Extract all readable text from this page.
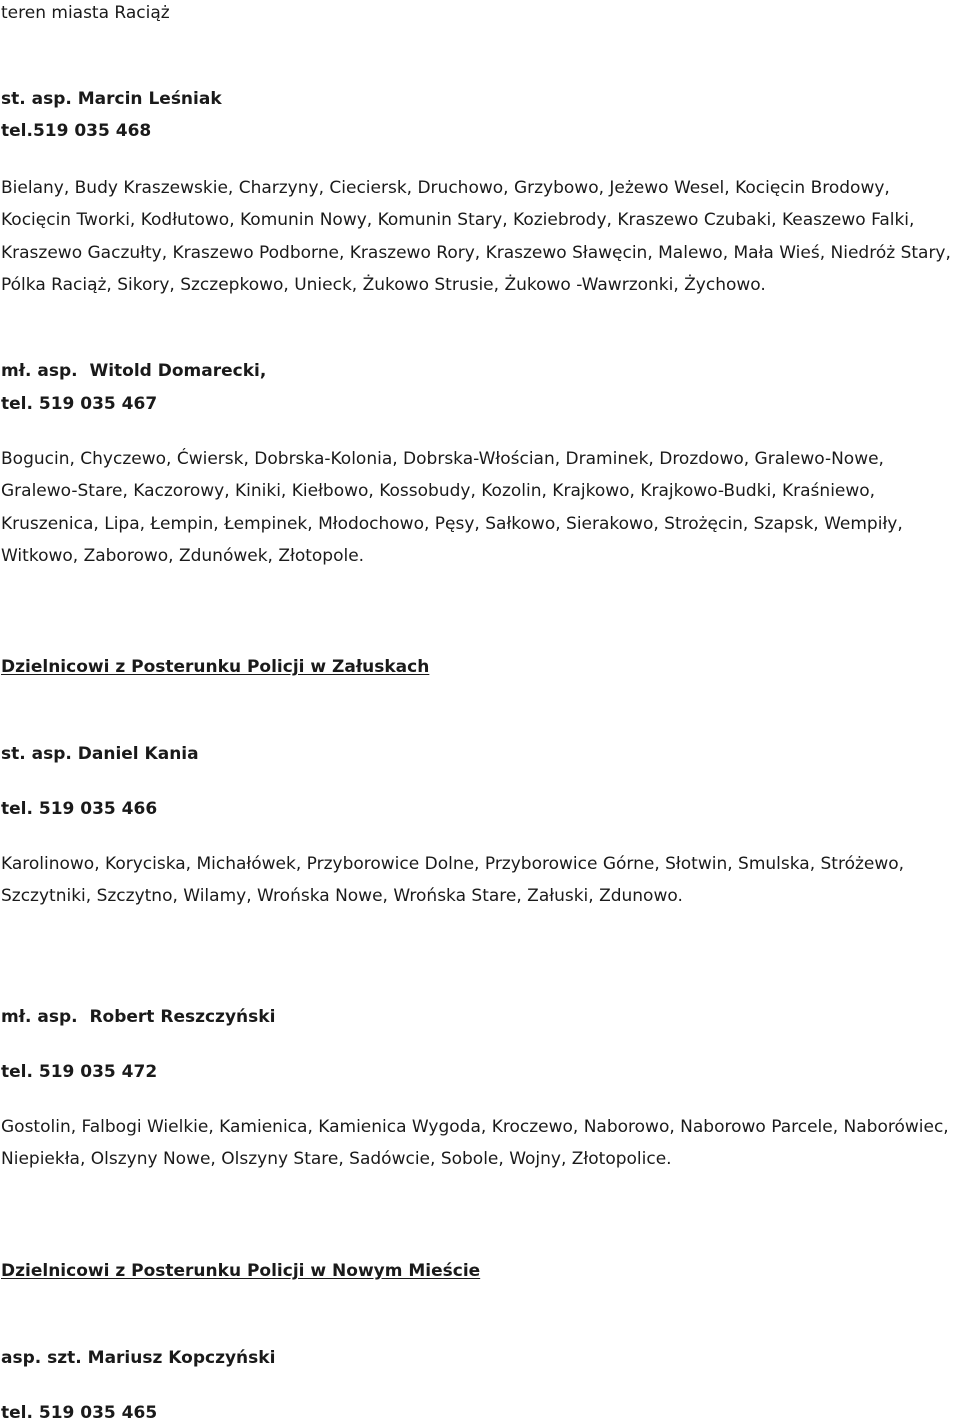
teren miasta Raciąż

st. asp. Marcin Leśniak

tel.519 035 468

Bielany, Budy Kraszewskie, Charzyny, Cieciersk, Druchowo, Grzybowo, Jeżewo Wesel, Kocięcin Brodowy, Kocięcin Tworki, Kodłutowo, Komunin Nowy, Komunin Stary, Koziebrody, Kraszewo Czubaki, Keaszewo Falki, Kraszewo Gaczułty, Kraszewo Podborne, Kraszewo Rory, Kraszewo Sławęcin, Malewo, Mała Wieś, Niedróż Stary, Pólka Raciąż, Sikory, Szczepkowo, Unieck, Żukowo Strusie, Żukowo -Wawrzonki, Żychowo.

mł. asp.  Witold Domarecki,

tel. 519 035 467

Bogucin, Chyczewo, Ćwiersk, Dobrska-Kolonia, Dobrska-Włościan, Draminek, Drozdowo, Gralewo-Nowe, Gralewo-Stare, Kaczorowy, Kiniki, Kiełbowo, Kossobudy, Kozolin, Krajkowo, Krajkowo-Budki, Kraśniewo, Kruszenica, Lipa, Łempin, Łempinek, Młodochowo, Pęsy, Sałkowo, Sierakowo, Strożęcin, Szapsk, Wempiły, Witkowo, Zaborowo, Zdunówek, Złotopole.

Dzielnicowi z Posterunku Policji w Załuskach

st. asp. Daniel Kania

tel. 519 035 466

Karolinowo, Koryciska, Michałówek, Przyborowice Dolne, Przyborowice Górne, Słotwin, Smulska, Stróżewo, Szczytniki, Szczytno, Wilamy, Wrońska Nowe, Wrońska Stare, Załuski, Zdunowo.

mł. asp.  Robert Reszczyński

tel. 519 035 472

Gostolin, Falbogi Wielkie, Kamienica, Kamienica Wygoda, Kroczewo, Naborowo, Naborowo Parcele, Naborówiec, Niepiekła, Olszyny Nowe, Olszyny Stare, Sadówcie, Sobole, Wojny, Złotopolice.

Dzielnicowi z Posterunku Policji w Nowym Mieście

asp. szt. Mariusz Kopczyński

tel. 519 035 465
